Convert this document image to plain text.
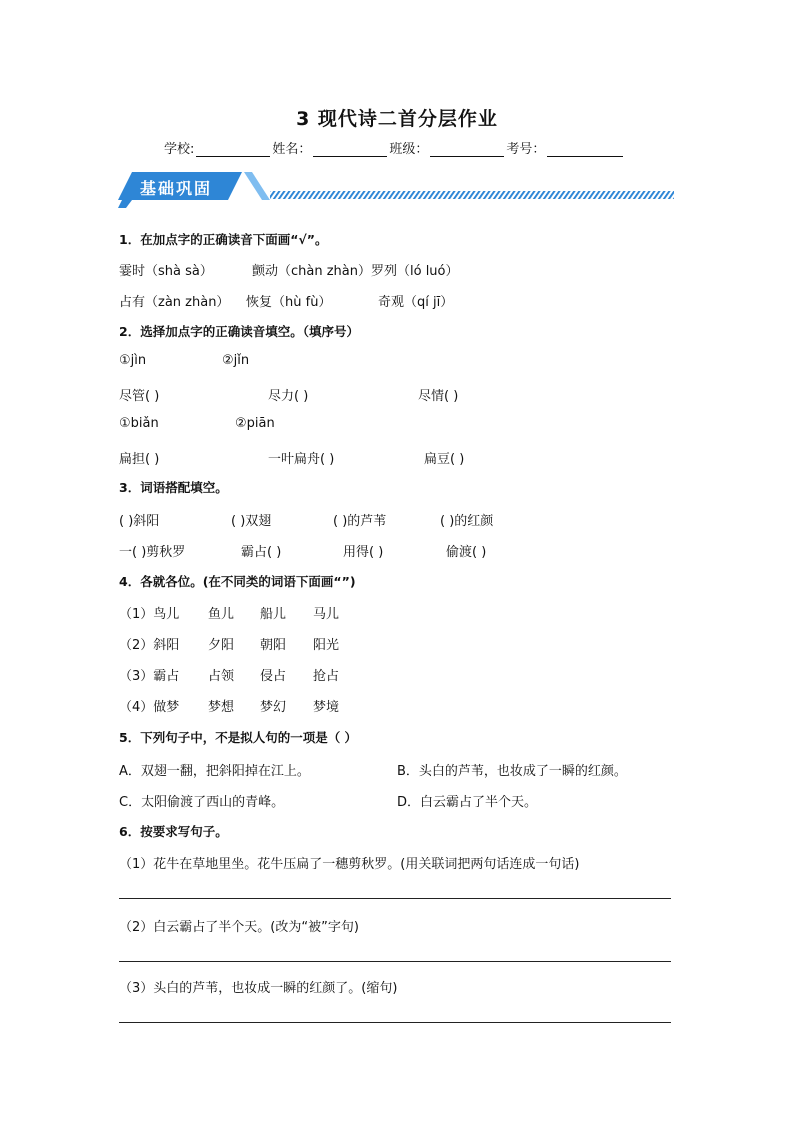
3 现代诗二首分层作业
学校:	姓名：	班级：	考号：
基础巩固
1．在加点字的正确读音下面画“√”。
霎时（shà sà）	颤动（chàn zhàn）罗列（ló luó）
占有（zàn zhàn） 恢复（hù fù）	奇观（qí jī）
2．选择加点字的正确读音填空。（填序号）
①jìn	②jǐn
尽管( )	尽力( )	尽情( )
①biǎn	②piān
扁担( )	一叶扁舟( )	扁豆( )
3．词语搭配填空。
( )斜阳	( )双翅	( )的芦苇	( )的红颜
一( )剪秋罗	霸占( )	用得( )	偷渡( )
4．各就各位。(在不同类的词语下面画“”)
（1）鸟儿 鱼儿 船儿 马儿
（2）斜阳 夕阳 朝阳 阳光
（3）霸占 占领 侵占 抢占
（4）做梦 梦想 梦幻 梦境
5．下列句子中，不是拟人句的一项是（ ）
A．双翅一翻，把斜阳掉在江上。	B．头白的芦苇，也妆成了一瞬的红颜。
C．太阳偷渡了西山的青峰。	D．白云霸占了半个天。
6．按要求写句子。
（1）花牛在草地里坐。花牛压扁了一穗剪秋罗。(用关联词把两句话连成一句话)
（2）白云霸占了半个天。(改为“被”字句)
（3）头白的芦苇，也妆成一瞬的红颜了。(缩句)
